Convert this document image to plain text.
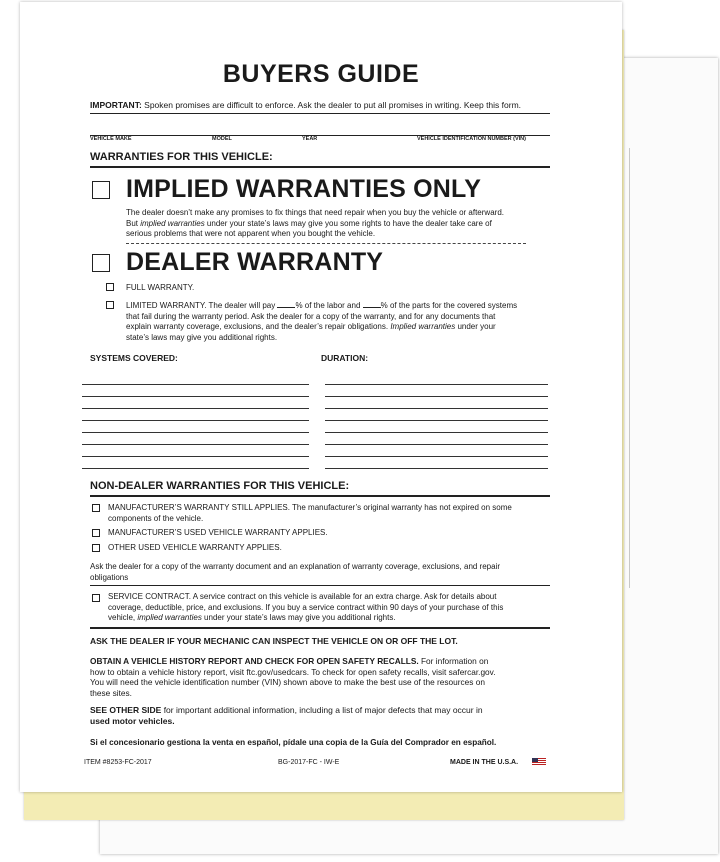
BUYERS GUIDE
IMPORTANT: Spoken promises are difficult to enforce. Ask the dealer to put all promises in writing. Keep this form.
VEHICLE MAKE	MODEL	YEAR	VEHICLE IDENTIFICATION NUMBER (VIN)
WARRANTIES FOR THIS VEHICLE:
IMPLIED WARRANTIES ONLY
The dealer doesn’t make any promises to fix things that need repair when you buy the vehicle or afterward.
But implied warranties under your state’s laws may give you some rights to have the dealer take care of
serious problems that were not apparent when you bought the vehicle.
DEALER WARRANTY
FULL WARRANTY.
LIMITED WARRANTY. The dealer will pay % of the labor and % of the parts for the covered systems
that fail during the warranty period. Ask the dealer for a copy of the warranty, and for any documents that
explain warranty coverage, exclusions, and the dealer’s repair obligations. Implied warranties under your
state’s laws may give you additional rights.
SYSTEMS COVERED:	DURATION:
NON-DEALER WARRANTIES FOR THIS VEHICLE:
MANUFACTURER’S WARRANTY STILL APPLIES. The manufacturer’s original warranty has not expired on some
components of the vehicle.
MANUFACTURER’S USED VEHICLE WARRANTY APPLIES.
OTHER USED VEHICLE WARRANTY APPLIES.
Ask the dealer for a copy of the warranty document and an explanation of warranty coverage, exclusions, and repair
obligations
SERVICE CONTRACT. A service contract on this vehicle is available for an extra charge. Ask for details about
coverage, deductible, price, and exclusions. If you buy a service contract within 90 days of your purchase of this
vehicle, implied warranties under your state’s laws may give you additional rights.
ASK THE DEALER IF YOUR MECHANIC CAN INSPECT THE VEHICLE ON OR OFF THE LOT.
OBTAIN A VEHICLE HISTORY REPORT AND CHECK FOR OPEN SAFETY RECALLS. For information on
how to obtain a vehicle history report, visit ftc.gov/usedcars. To check for open safety recalls, visit safercar.gov.
You will need the vehicle identification number (VIN) shown above to make the best use of the resources on
these sites.
SEE OTHER SIDE for important additional information, including a list of major defects that may occur in
used motor vehicles.
Si el concesionario gestiona la venta en español, pídale una copia de la Guía del Comprador en español.
ITEM #8253-FC-2017	BG-2017-FC - IW-E	MADE IN THE U.S.A.
